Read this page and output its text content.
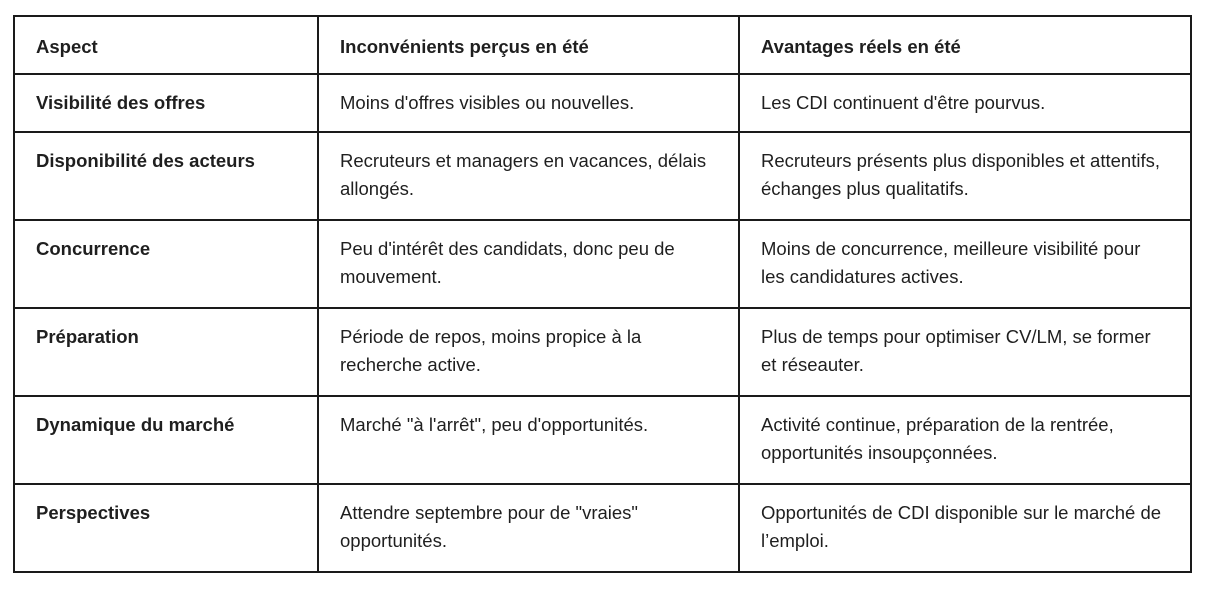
Aspect	Inconvénients perçus en été	Avantages réels en été
Visibilité des offres	Moins d'offres visibles ou nouvelles.	Les CDI continuent d'être pourvus.
Disponibilité des acteurs	Recruteurs et managers en vacances, délais allongés.	Recruteurs présents plus disponibles et attentifs, échanges plus qualitatifs.
Concurrence	Peu d'intérêt des candidats, donc peu de mouvement.	Moins de concurrence, meilleure visibilité pour les candidatures actives.
Préparation	Période de repos, moins propice à la recherche active.	Plus de temps pour optimiser CV/LM, se former et réseauter.
Dynamique du marché	Marché "à l'arrêt", peu d'opportunités.	Activité continue, préparation de la rentrée, opportunités insoupçonnées.
Perspectives	Attendre septembre pour de "vraies" opportunités.	Opportunités de CDI disponible sur le marché de l’emploi.
